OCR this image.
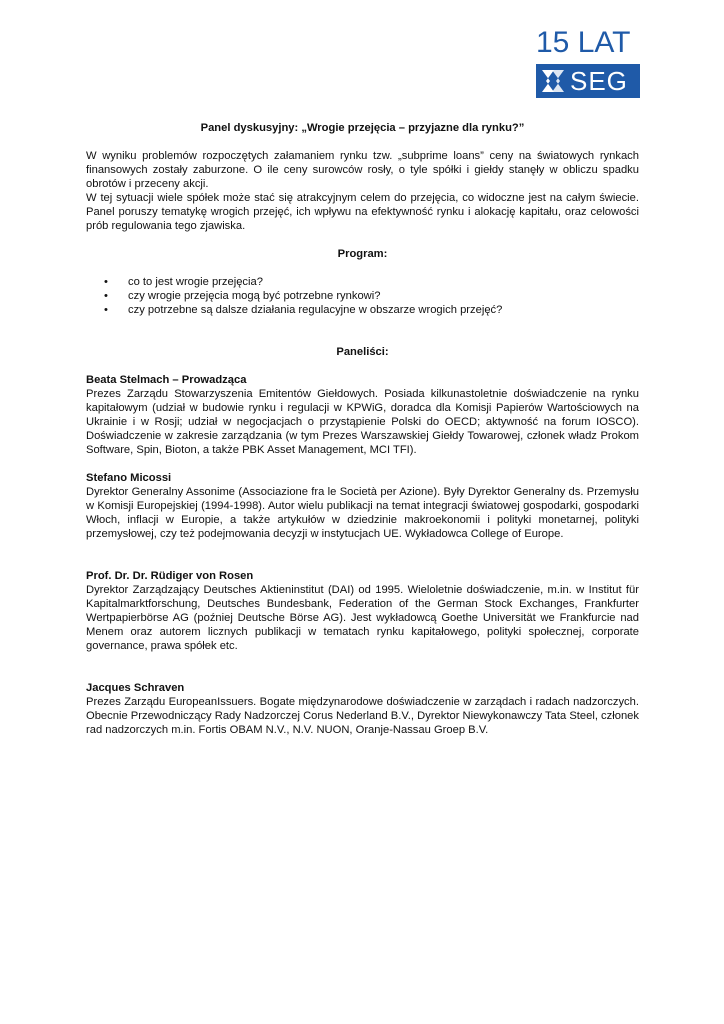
15 LAT
SEG

Panel dyskusyjny: „Wrogie przejęcia – przyjazne dla rynku?”

W wyniku problemów rozpoczętych załamaniem rynku tzw. „subprime loans” ceny na światowych rynkach finansowych zostały zaburzone. O ile ceny surowców rosły, o tyle spółki i giełdy stanęły w obliczu spadku obrotów i przeceny akcji.

W tej sytuacji wiele spółek może stać się atrakcyjnym celem do przejęcia, co widoczne jest na całym świecie. Panel poruszy tematykę wrogich przejęć, ich wpływu na efektywność rynku i alokację kapitału, oraz celowości prób regulowania tego zjawiska.

Program:

• co to jest wrogie przejęcia?
• czy wrogie przejęcia mogą być potrzebne rynkowi?
• czy potrzebne są dalsze działania regulacyjne w obszarze wrogich przejęć?

Paneliści:

Beata Stelmach – Prowadząca

Prezes Zarządu Stowarzyszenia Emitentów Giełdowych. Posiada kilkunastoletnie doświadczenie na rynku kapitałowym (udział w budowie rynku i regulacji w KPWiG, doradca dla Komisji Papierów Wartościowych na Ukrainie i w Rosji; udział w negocjacjach o przystąpienie Polski do OECD; aktywność na forum IOSCO). Doświadczenie w zakresie zarządzania (w tym Prezes Warszawskiej Giełdy Towarowej, członek władz Prokom Software, Spin, Bioton, a także PBK Asset Management, MCI TFI).

Stefano Micossi

Dyrektor Generalny Assonime (Associazione fra le Società per Azione). Były Dyrektor Generalny ds. Przemysłu w Komisji Europejskiej (1994-1998). Autor wielu publikacji na temat integracji światowej gospodarki, gospodarki Włoch, inflacji w Europie, a także artykułów w dziedzinie makroekonomii i polityki monetarnej, polityki przemysłowej, czy też podejmowania decyzji w instytucjach UE. Wykładowca College of Europe.

Prof. Dr. Dr. Rüdiger von Rosen

Dyrektor Zarządzający Deutsches Aktieninstitut (DAI) od 1995. Wieloletnie doświadczenie, m.in. w Institut für Kapitalmarktforschung, Deutsches Bundesbank, Federation of the German Stock Exchanges, Frankfurter Wertpapierbörse AG (poźniej Deutsche Börse AG). Jest wykładowcą Goethe Universität we Frankfurcie nad Menem oraz autorem licznych publikacji w tematach rynku kapitałowego, polityki społecznej, corporate governance, prawa spółek etc.

Jacques Schraven

Prezes Zarządu EuropeanIssuers. Bogate międzynarodowe doświadczenie w zarządach i radach nadzorczych. Obecnie Przewodniczący Rady Nadzorczej Corus Nederland B.V., Dyrektor Niewykonawczy Tata Steel, członek rad nadzorczych m.in. Fortis OBAM N.V., N.V. NUON, Oranje-Nassau Groep B.V.
